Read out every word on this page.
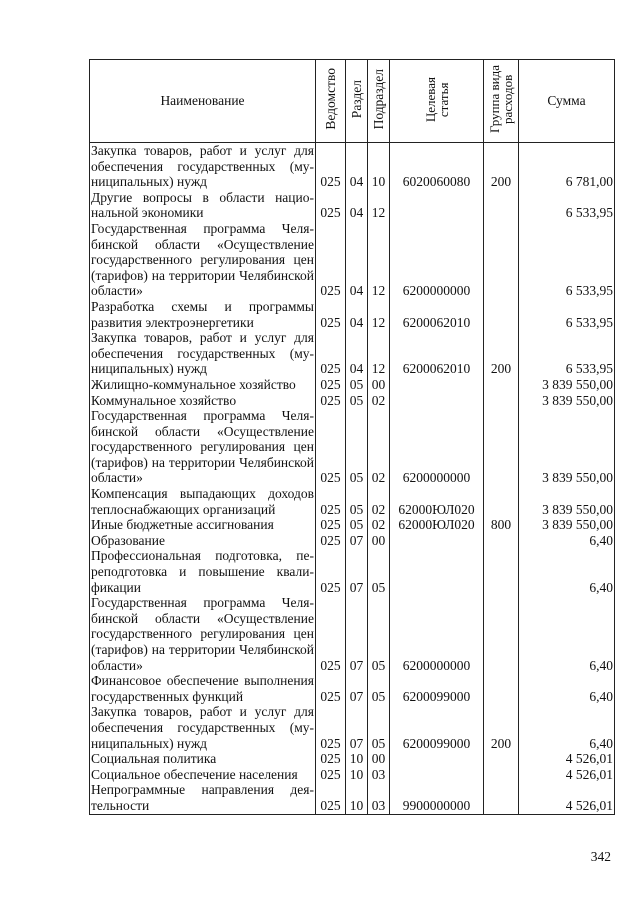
Наименование	Ведомство	Раздел	Подраздел	Целевая
статья	Группа вида
расходов	Сумма
Закупка товаров, работ и услуг для обеспечения государственных (муниципальных) нужд	025	04	10	6020060080	200	6 781,00
Другие вопросы в области национальной экономики	025	04	12			6 533,95
Государственная программа Челябинской области «Осуществление государственного регулирования цен (тарифов) на территории Челябинской области»	025	04	12	6200000000		6 533,95
Разработка схемы и программы развития электроэнергетики	025	04	12	6200062010		6 533,95
Закупка товаров, работ и услуг для обеспечения государственных (муниципальных) нужд	025	04	12	6200062010	200	6 533,95
Жилищно-коммунальное хозяйство	025	05	00			3 839 550,00
Коммунальное хозяйство	025	05	02			3 839 550,00
Государственная программа Челябинской области «Осуществление государственного регулирования цен (тарифов) на территории Челябинской области»	025	05	02	6200000000		3 839 550,00
Компенсация выпадающих доходов теплоснабжающих организаций	025	05	02	62000ЮЛ020		3 839 550,00
Иные бюджетные ассигнования	025	05	02	62000ЮЛ020	800	3 839 550,00
Образование	025	07	00			6,40
Профессиональная подготовка, переподготовка и повышение квалификации	025	07	05			6,40
Государственная программа Челябинской области «Осуществление государственного регулирования цен (тарифов) на территории Челябинской области»	025	07	05	6200000000		6,40
Финансовое обеспечение выполнения государственных функций	025	07	05	6200099000		6,40
Закупка товаров, работ и услуг для обеспечения государственных (муниципальных) нужд	025	07	05	6200099000	200	6,40
Социальная политика	025	10	00			4 526,01
Социальное обеспечение населения	025	10	03			4 526,01
Непрограммные направления деятельности	025	10	03	9900000000		4 526,01
342
